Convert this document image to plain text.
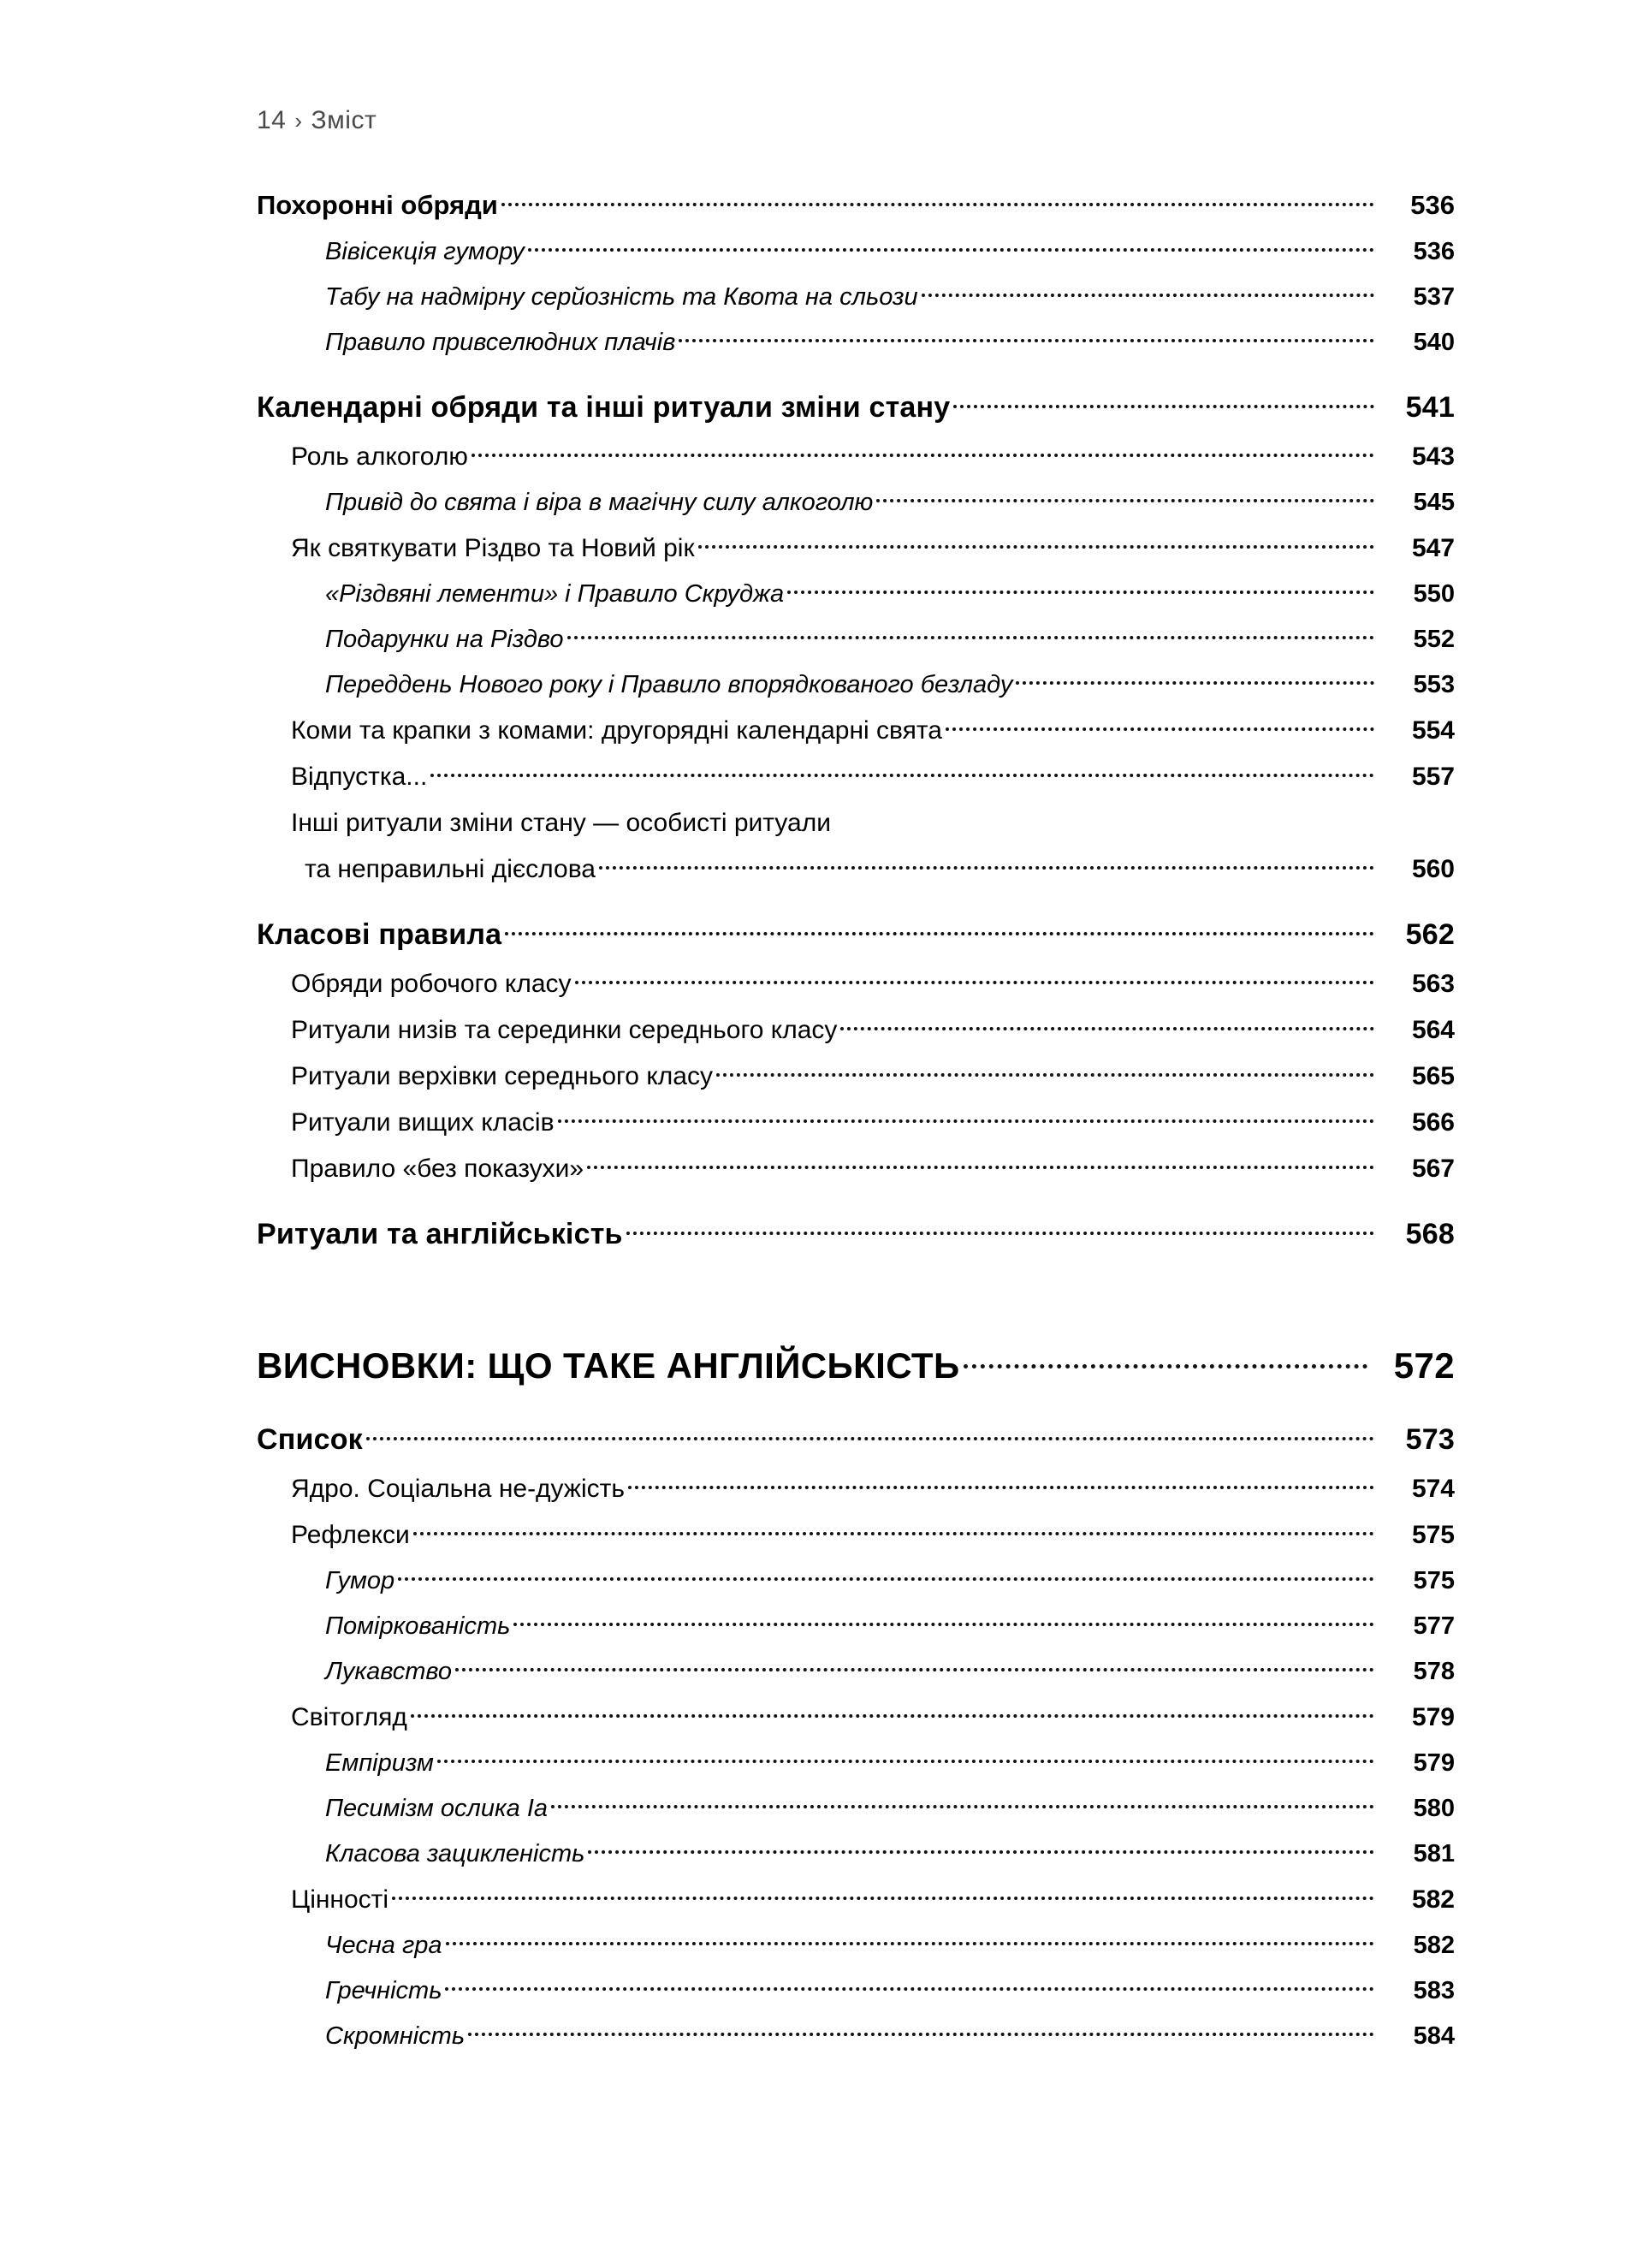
14 › Зміст
Похоронні обряди	536
Вівісекція гумору	536
Табу на надмірну серйозність та Квота на сльози	537
Правило привселюдних плачів	540
Календарні обряди та інші ритуали зміни стану	541
Роль алкоголю	543
Привід до свята і віра в магічну силу алкоголю	545
Як святкувати Різдво та Новий рік	547
«Різдвяні лементи» і Правило Скруджа	550
Подарунки на Різдво	552
Переддень Нового року і Правило впорядкованого безладу	553
Коми та крапки з комами: другорядні календарні свята	554
Відпустка...	557
Інші ритуали зміни стану — особисті ритуали
та неправильні дієслова	560
Класові правила	562
Обряди робочого класу	563
Ритуали низів та серединки середнього класу	564
Ритуали верхівки середнього класу	565
Ритуали вищих класів	566
Правило «без показухи»	567
Ритуали та англійськість	568
ВИСНОВКИ: ЩО ТАКЕ АНГЛІЙСЬКІСТЬ	572
Список	573
Ядро. Соціальна не-дужість	574
Рефлекси	575
Гумор	575
Поміркованість	577
Лукавство	578
Світогляд	579
Емпіризм	579
Песимізм ослика Іа	580
Класова зацикленість	581
Цінності	582
Чесна гра	582
Гречність	583
Скромність	584
